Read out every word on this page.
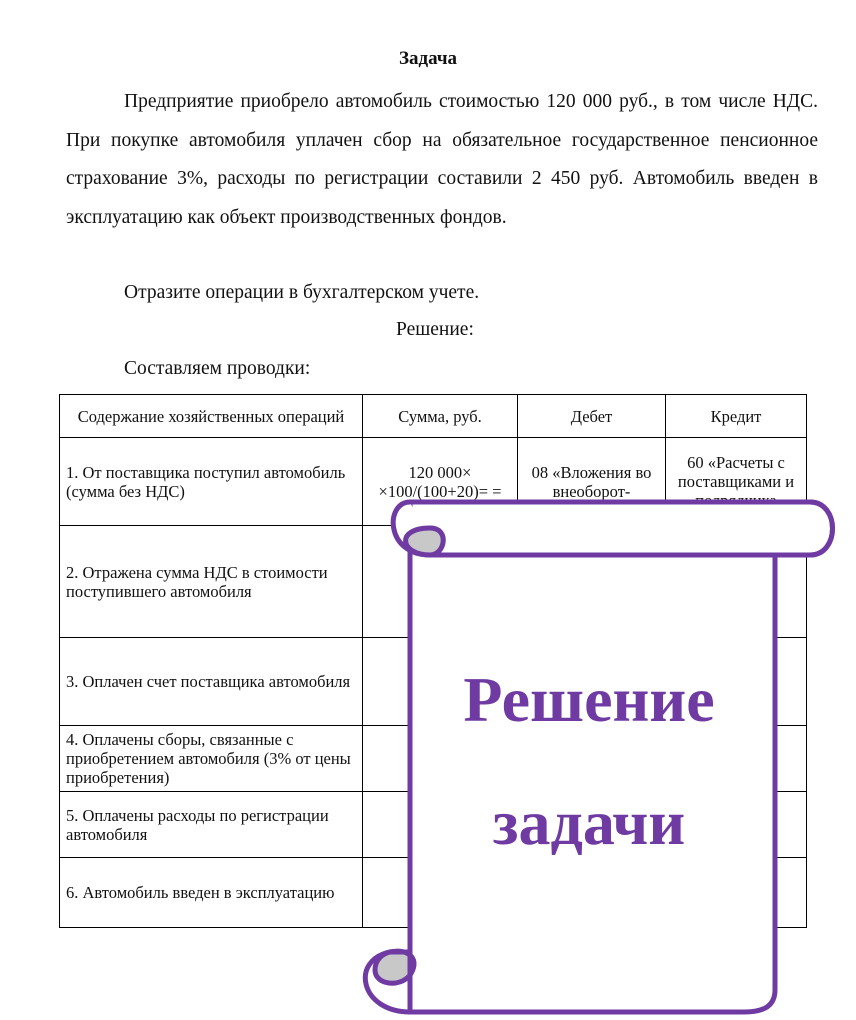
Задача
Предприятие приобрело автомобиль стоимостью 120 000 руб., в том числе НДС. При покупке автомобиля уплачен сбор на обязательное государственное пенсионное страхование 3%, расходы по регистрации составили 2 450 руб. Автомобиль введен в эксплуатацию как объект производственных фондов.
Отразите операции в бухгалтерском учете.
Решение:
Составляем проводки:
Содержание хозяйственных операций	Сумма, руб.	Дебет	Кредит
1. От поставщика поступил автомобиль (сумма без НДС)	120 000× ×100/(100+20)= =	08 «Вложения во внеоборот-	60 «Расчеты с поставщиками и
2. Отражена сумма НДС в стоимости поступившего автомобиля			
3. Оплачен счет поставщика автомобиля			
4. Оплачены сборы, связанные с приобретением автомобиля (3% от цены приобретения)			
5. Оплачены расходы по регистрации автомобиля			
6. Автомобиль введен в эксплуатацию			
Решение
задачи
